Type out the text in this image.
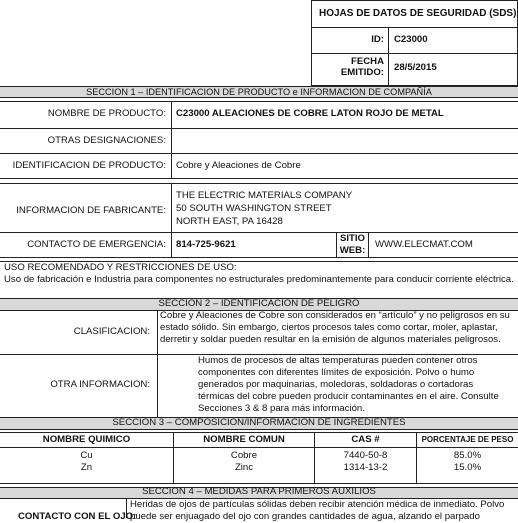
HOJAS DE DATOS DE SEGURIDAD (SDS)
ID: C23000
FECHA
EMITIDO: 28/5/2015
SECCION 1 – IDENTIFICACION DE PRODUCTO e INFORMACION DE COMPAÑÍA
NOMBRE DE PRODUCTO: C23000 ALEACIONES DE COBRE LATON ROJO DE METAL
OTRAS DESIGNACIONES:
IDENTIFICACION DE PRODUCTO: Cobre y Aleaciones de Cobre
INFORMACION DE FABRICANTE:
THE ELECTRIC MATERIALS COMPANY
50 SOUTH WASHINGTON STREET
NORTH EAST, PA 16428
CONTACTO DE EMERGENCIA: 814-725-9621
SITIO
WEB:
WWW.ELECMAT.COM
USO RECOMENDADO Y RESTRICCIONES DE USO:
Uso de fabricación e Industria para componentes no estructurales predominantemente para conducir corriente eléctrica.
SECCION 2 – IDENTIFICACION DE PELIGRO
CLASIFICACION:
Cobre y Aleaciones de Cobre son considerados en “artículo” y no peligrosos en su estado sólido. Sin embargo, ciertos procesos tales como cortar, moler, aplastar, derretir y soldar pueden resultar en la emisión de algunos materiales peligrosos.
OTRA INFORMACION:
Humos de procesos de altas temperaturas pueden contener otros componentes con diferentes límites de exposición. Polvo o humo generados por maquinarias, moledoras, soldadoras o cortadoras térmicas del cobre pueden producir contaminantes en el aire. Consulte Secciones 3 & 8 para más información.
SECCION 3 – COMPOSICION/INFORMACION DE INGREDIENTES
NOMBRE QUIMICO	NOMBRE COMUN	CAS #	PORCENTAJE DE PESO
Cu	Cobre	7440-50-8	85.0%
Zn	Zinc	1314-13-2	15.0%
SECCION 4 – MEDIDAS PARA PRIMEROS AUXILIOS
CONTACTO CON EL OJO:
Heridas de ojos de partículas sólidas deben recibir atención médica de inmediato. Polvo puede ser enjuagado del ojo con grandes cantidades de agua, alzando el parpado
